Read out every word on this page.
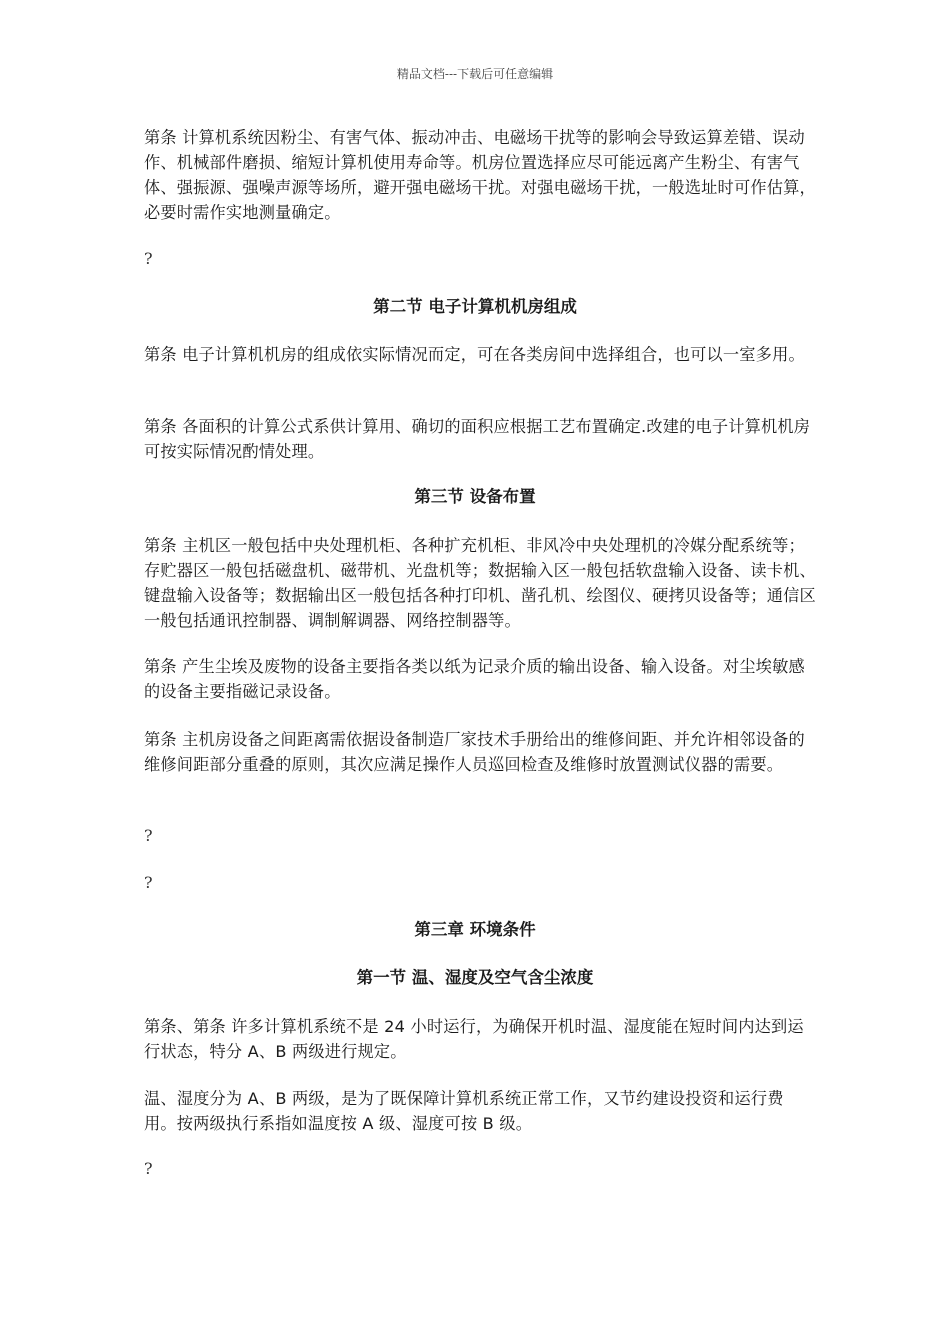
精品文档---下载后可任意编辑

第条 计算机系统因粉尘、有害气体、振动冲击、电磁场干扰等的影响会导致运算差错、误动作、机械部件磨损、缩短计算机使用寿命等。机房位置选择应尽可能远离产生粉尘、有害气体、强振源、强噪声源等场所，避开强电磁场干扰。对强电磁场干扰，一般选址时可作估算，必要时需作实地测量确定。

?

第二节 电子计算机机房组成

第条 电子计算机机房的组成依实际情况而定，可在各类房间中选择组合，也可以一室多用。

第条 各面积的计算公式系供计算用、确切的面积应根据工艺布置确定.改建的电子计算机机房可按实际情况酌情处理。

第三节 设备布置

第条 主机区一般包括中央处理机柜、各种扩充机柜、非风冷中央处理机的冷媒分配系统等；存贮器区一般包括磁盘机、磁带机、光盘机等；数据输入区一般包括软盘输入设备、读卡机、键盘输入设备等；数据输出区一般包括各种打印机、凿孔机、绘图仪、硬拷贝设备等；通信区一般包括通讯控制器、调制解调器、网络控制器等。

第条 产生尘埃及废物的设备主要指各类以纸为记录介质的输出设备、输入设备。对尘埃敏感的设备主要指磁记录设备。

第条 主机房设备之间距离需依据设备制造厂家技术手册给出的维修间距、并允许相邻设备的维修间距部分重叠的原则，其次应满足操作人员巡回检查及维修时放置测试仪器的需要。

?

?

第三章 环境条件
第一节 温、湿度及空气含尘浓度

第条、第条 许多计算机系统不是 24 小时运行，为确保开机时温、湿度能在短时间内达到运行状态，特分 A、B 两级进行规定。

温、湿度分为 A、B 两级，是为了既保障计算机系统正常工作，又节约建设投资和运行费用。按两级执行系指如温度按 A 级、湿度可按 B 级。

?
